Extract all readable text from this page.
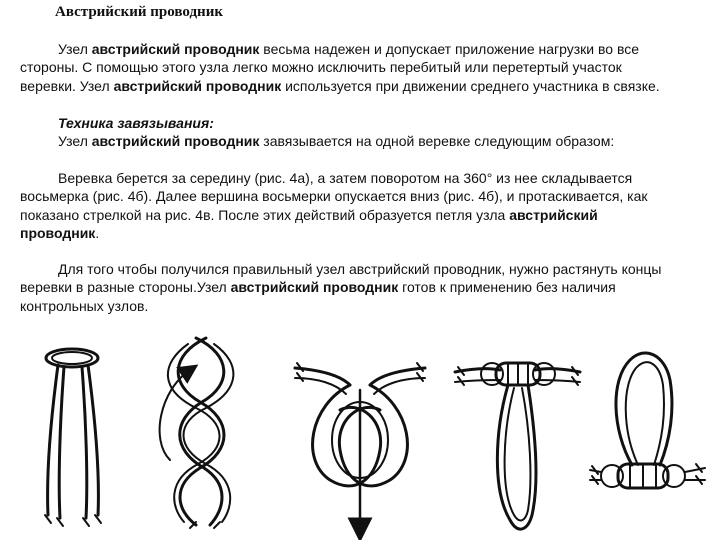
Австрийский проводник

Узел австрийский проводник весьма надежен и допускает приложение нагрузки во все стороны. С помощью этого узла легко можно исключить перебитый или перетертый участок веревки. Узел австрийский проводник используется при движении среднего участника в связке.

Техника завязывания:

Узел австрийский проводник завязывается на одной веревке следующим образом:

Веревка берется за середину (рис. 4а), а затем поворотом на 360° из нее складывается восьмерка (рис. 4б). Далее вершина восьмерки опускается вниз (рис. 4б), и протаскивается, как показано стрелкой на рис. 4в. После этих действий образуется петля узла австрийский проводник.

Для того чтобы получился правильный узел австрийский проводник, нужно растянуть концы веревки в разные стороны.Узел австрийский проводник готов к применению без наличия контрольных узлов.
